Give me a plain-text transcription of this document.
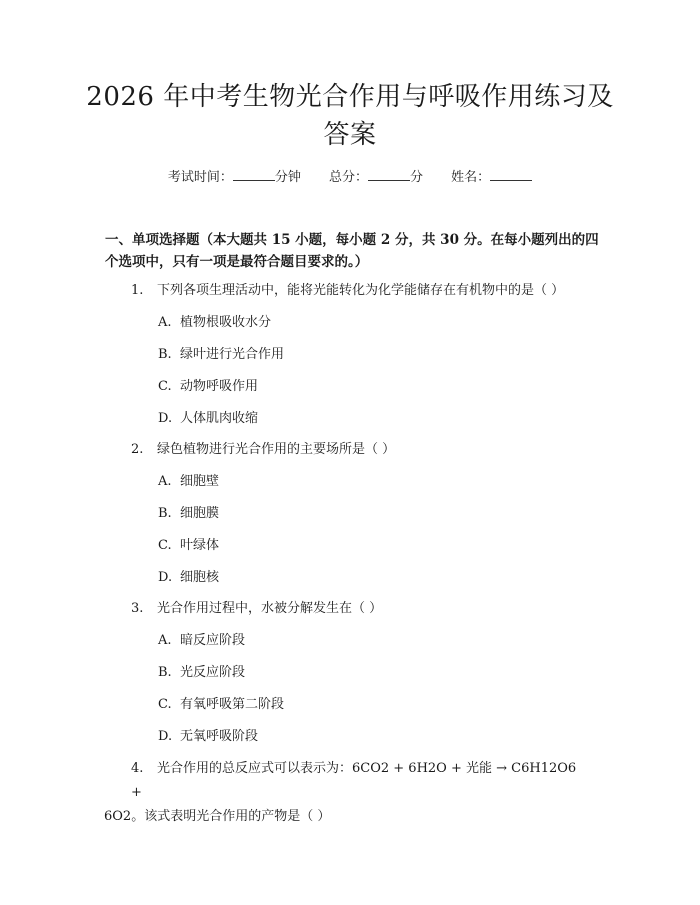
2026 年中考生物光合作用与呼吸作用练习及
答案
考试时间：	分钟 总分：	分 姓名：

一、单项选择题（本大题共 15 小题，每小题 2 分，共 30 分。在每小题列出的四个选项中，只有一项是最符合题目要求的。）

1. 下列各项生理活动中，能将光能转化为化学能储存在有机物中的是（ ）
A. 植物根吸收水分
B. 绿叶进行光合作用
C. 动物呼吸作用
D. 人体肌肉收缩
2. 绿色植物进行光合作用的主要场所是（ ）
A. 细胞壁
B. 细胞膜
C. 叶绿体
D. 细胞核
3. 光合作用过程中，水被分解发生在（ ）
A. 暗反应阶段
B. 光反应阶段
C. 有氧呼吸第二阶段
D. 无氧呼吸阶段
4. 光合作用的总反应式可以表示为：6CO2 + 6H2O + 光能 → C6H12O6 +
6O2。该式表明光合作用的产物是（ ）
